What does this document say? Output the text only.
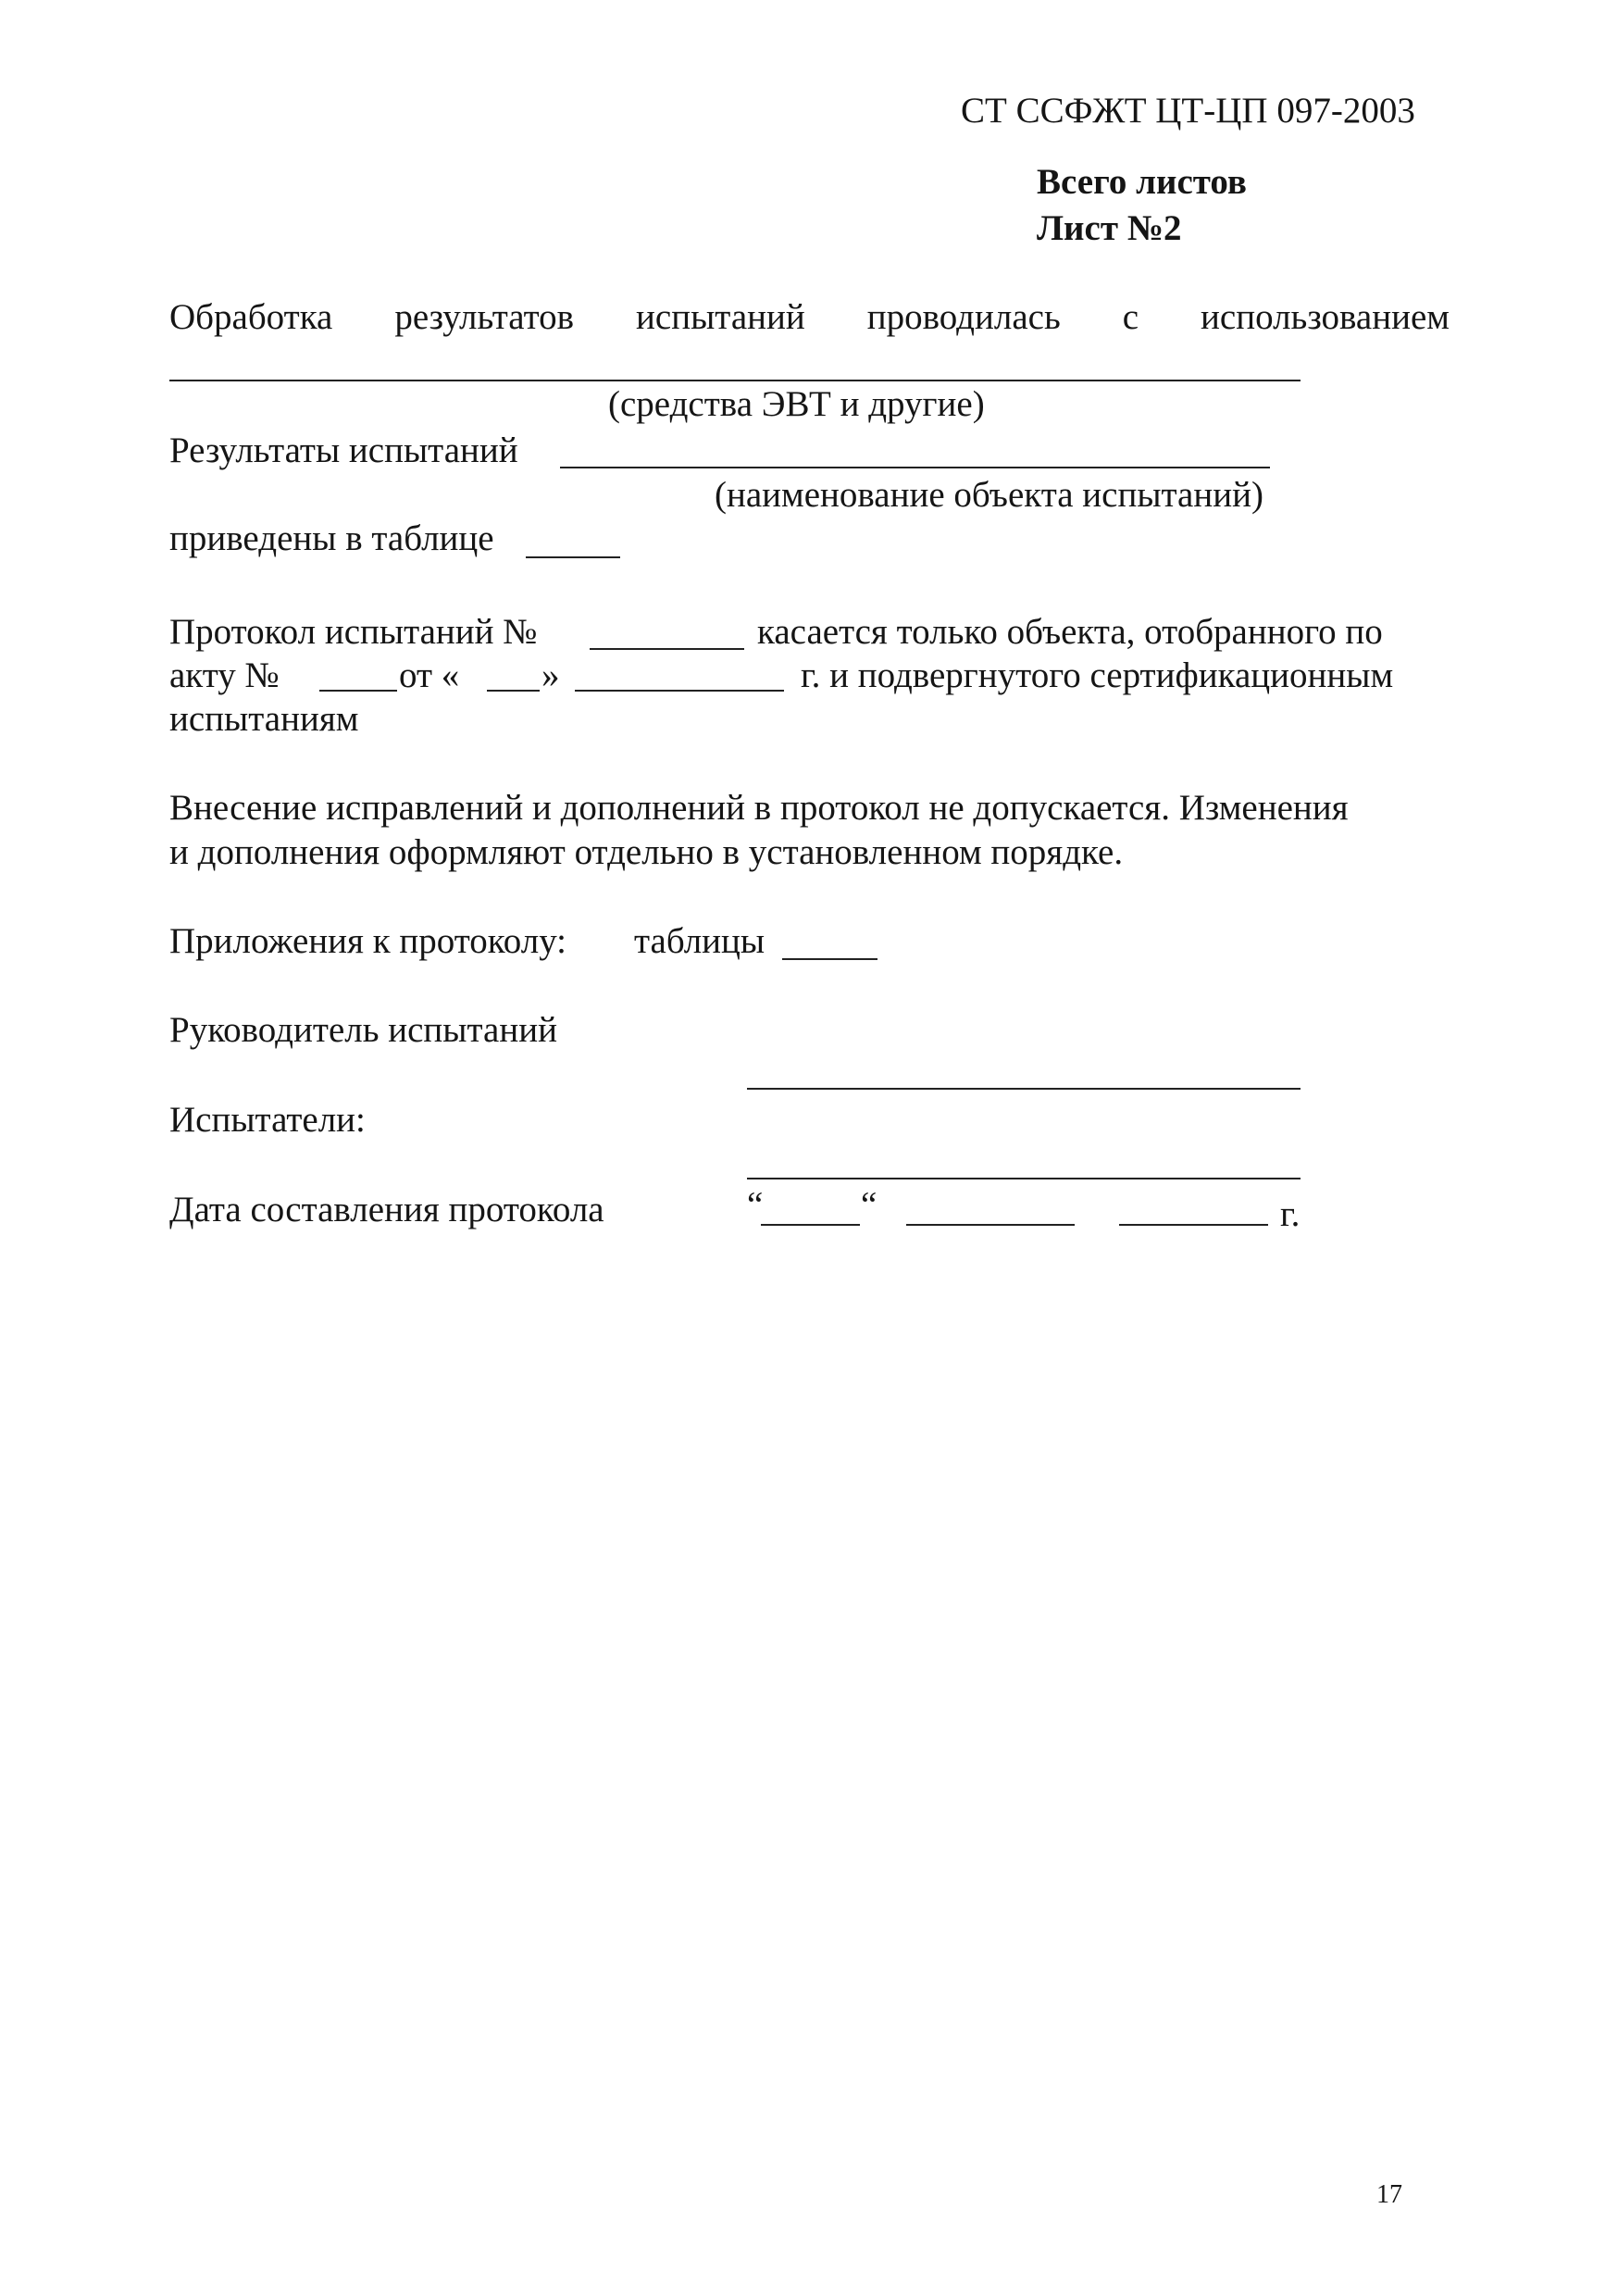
СТ ССФЖТ ЦТ-ЦП 097-2003
Всего листов
Лист №2
Обработка результатов испытаний проводилась с использованием
(средства ЭВТ и другие)
Результаты испытаний
(наименование объекта испытаний)
приведены в таблице
Протокол испытаний №	касается только объекта, отобранного по
акту №	от « »	г. и подвергнутого сертификационным
испытаниям
Внесение исправлений и дополнений в протокол не допускается. Изменения
и дополнения оформляют отдельно в установленном порядке.
Приложения к протоколу: таблицы
Руководитель испытаний
Испытатели:
Дата составления протокола	“	“	г.
17
